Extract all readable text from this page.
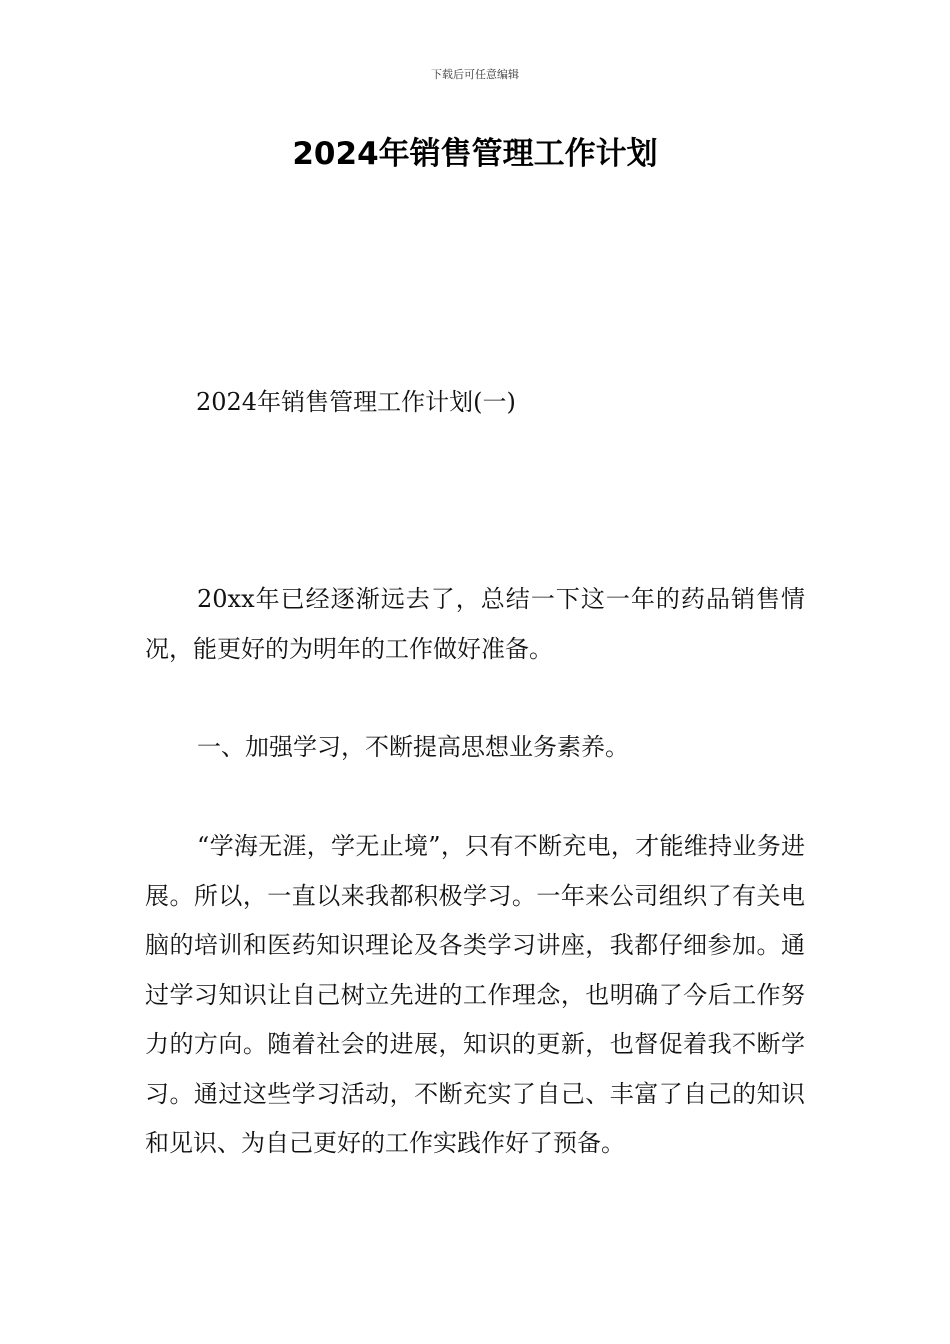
下载后可任意编辑
2024年销售管理工作计划
2024年销售管理工作计划(一)

20xx年已经逐渐远去了，总结一下这一年的药品销售情况，能更好的为明年的工作做好准备。

一、加强学习，不断提高思想业务素养。

“学海无涯，学无止境”，只有不断充电，才能维持业务进展。所以，一直以来我都积极学习。一年来公司组织了有关电脑的培训和医药知识理论及各类学习讲座，我都仔细参加。通过学习知识让自己树立先进的工作理念，也明确了今后工作努力的方向。随着社会的进展，知识的更新，也督促着我不断学习。通过这些学习活动，不断充实了自己、丰富了自己的知识和见识、为自己更好的工作实践作好了预备。
